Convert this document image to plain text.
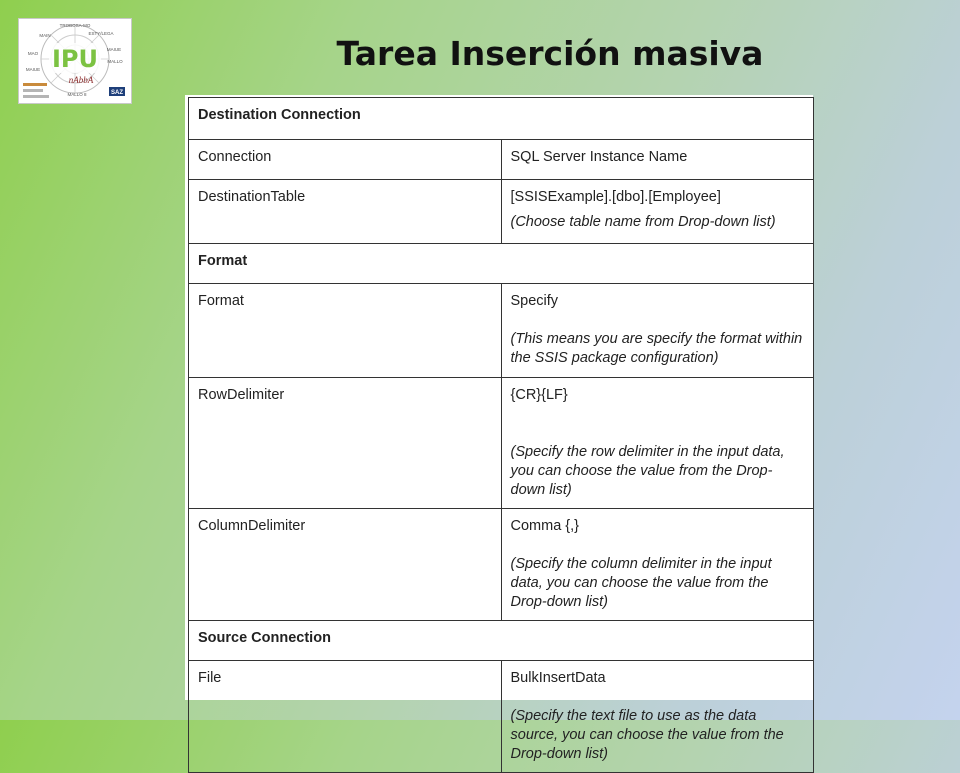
TROBOSA-MO
ESTY/LEGA
MAIUE
MALLO
MALLO 8
MAIUE
MAO
MAIN
IPU
nAbbA
SAZ
Tarea Inserción masiva
Destination Connection	
Connection	SQL Server Instance Name

DestinationTable	[SSISExample].[dbo].[Employee]
(Choose table name from Drop-down list)

Format	
Format	Specify
(This means you are specify the format within the SSIS package configuration)

RowDelimiter	{CR}{LF}
(Specify the row delimiter in the input data, you can choose the value from the Drop-down list)

ColumnDelimiter	Comma {,}
(Specify the column delimiter in the input data, you can choose the value from the Drop-down list)

Source Connection	
File	BulkInsertData
(Specify the text file to use as the data source, you can choose the value from the Drop-down list)
